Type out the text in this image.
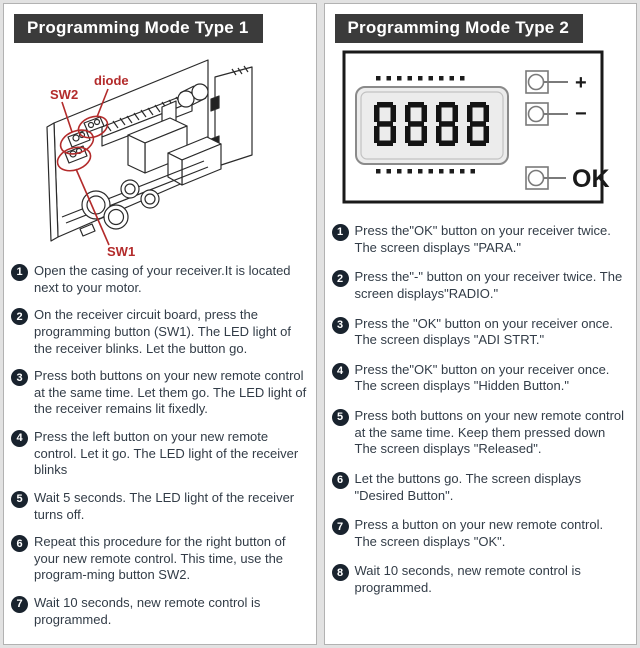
Programming Mode Type 1
diode
SW2
SW1
1 Open the casing of your receiver.It is located next to your motor.
2 On the receiver circuit board, press the programming button (SW1). The LED light of the receiver blinks. Let the button go.
3 Press both buttons on your new remote control at the same time. Let them go. The LED light of the receiver remains lit fixedly.
4 Press the left button on your new remote control. Let it go. The LED light of the receiver blinks
5 Wait 5 seconds. The LED light of the receiver turns off.
6 Repeat this procedure for the right button of your new remote control. This time, use the program-ming button SW2.
7 Wait 10 seconds, new remote control is programmed.
Programming Mode Type 2
+
−
OK
1 Press the"OK" button on your receiver twice. The screen displays "PARA."
2 Press the"-" button on your receiver twice. The screen displays"RADIO."
3 Press the "OK" button on your receiver once. The screen displays "ADI STRT."
4 Press the"OK" button on your receiver once. The screen displays "Hidden Button."
5 Press both buttons on your new remote control at the same time. Keep them pressed down The screen displays "Released".
6 Let the buttons go. The screen displays "Desired Button".
7 Press a button on your new remote control. The screen displays "OK".
8 Wait 10 seconds, new remote control is programmed.
